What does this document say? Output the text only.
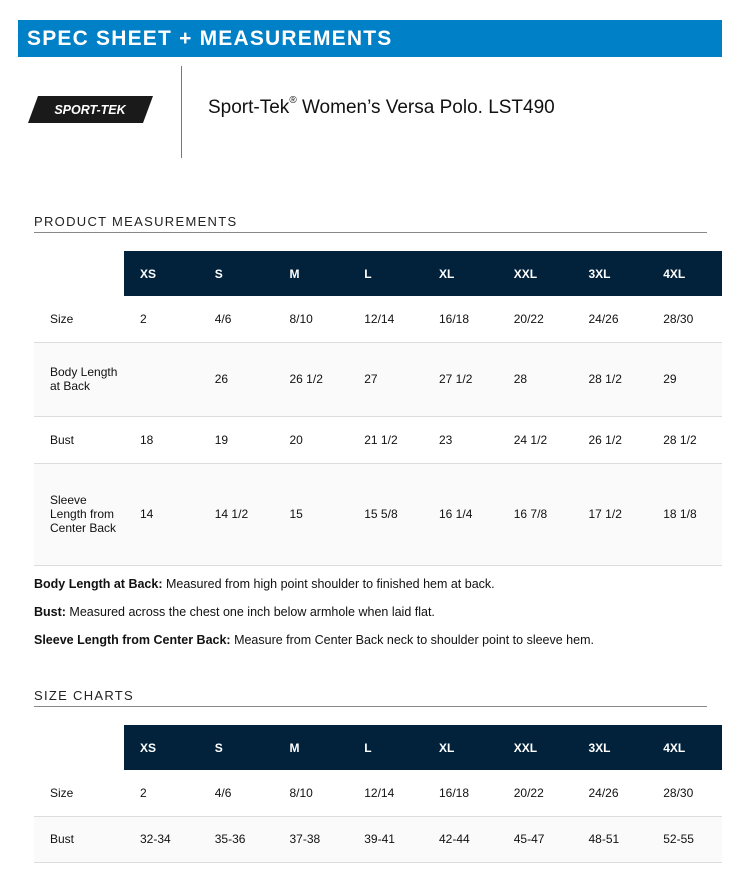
SPEC SHEET + MEASUREMENTS
SPORT-TEK	Sport-Tek® Women’s Versa Polo. LST490
PRODUCT MEASUREMENTS
	XS	S	M	L	XL	XXL	3XL	4XL
Size	2	4/6	8/10	12/14	16/18	20/22	24/26	28/30
Body Length at Back		26	26 1/2	27	27 1/2	28	28 1/2	29
Bust	18	19	20	21 1/2	23	24 1/2	26 1/2	28 1/2
Sleeve Length from Center Back	14	14 1/2	15	15 5/8	16 1/4	16 7/8	17 1/2	18 1/8
Body Length at Back: Measured from high point shoulder to finished hem at back.
Bust: Measured across the chest one inch below armhole when laid flat.
Sleeve Length from Center Back: Measure from Center Back neck to shoulder point to sleeve hem.
SIZE CHARTS
	XS	S	M	L	XL	XXL	3XL	4XL
Size	2	4/6	8/10	12/14	16/18	20/22	24/26	28/30
Bust	32-34	35-36	37-38	39-41	42-44	45-47	48-51	52-55
